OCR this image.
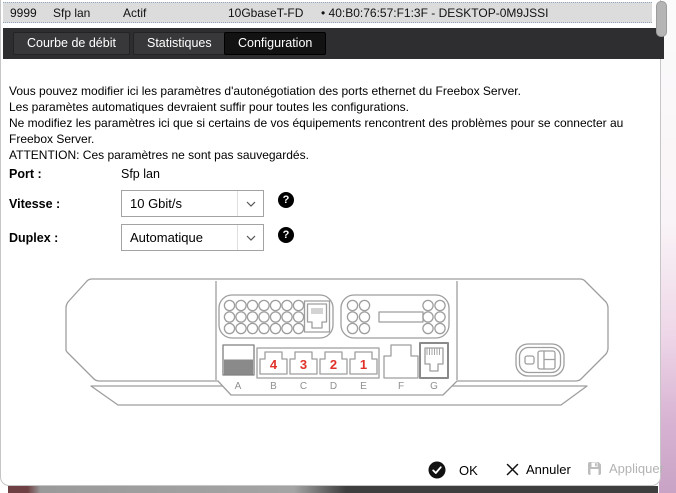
9999 Sfp lan	Actif	10GbaseT-FD • 40:B0:76:57:F1:3F - DESKTOP-0M9JSSI
Courbe de débit	Statistiques	Configuration
Vous pouvez modifier ici les paramètres d'autonégotiation des ports ethernet du Freebox Server.
Les paramètes automatiques devraient suffir pour toutes les configurations.
Ne modifiez les paramètres ici que si certains de vos équipements rencontrent des problèmes pour se connecter au Freebox Server.
ATTENTION: Ces paramètres ne sont pas sauvegardés.
Port :	Sfp lan
Vitesse :	10 Gbit/s	?
Duplex :	Automatique	?
4 3 2 1
A	B C D E	F	G
OK	Annuler	Appliquer
